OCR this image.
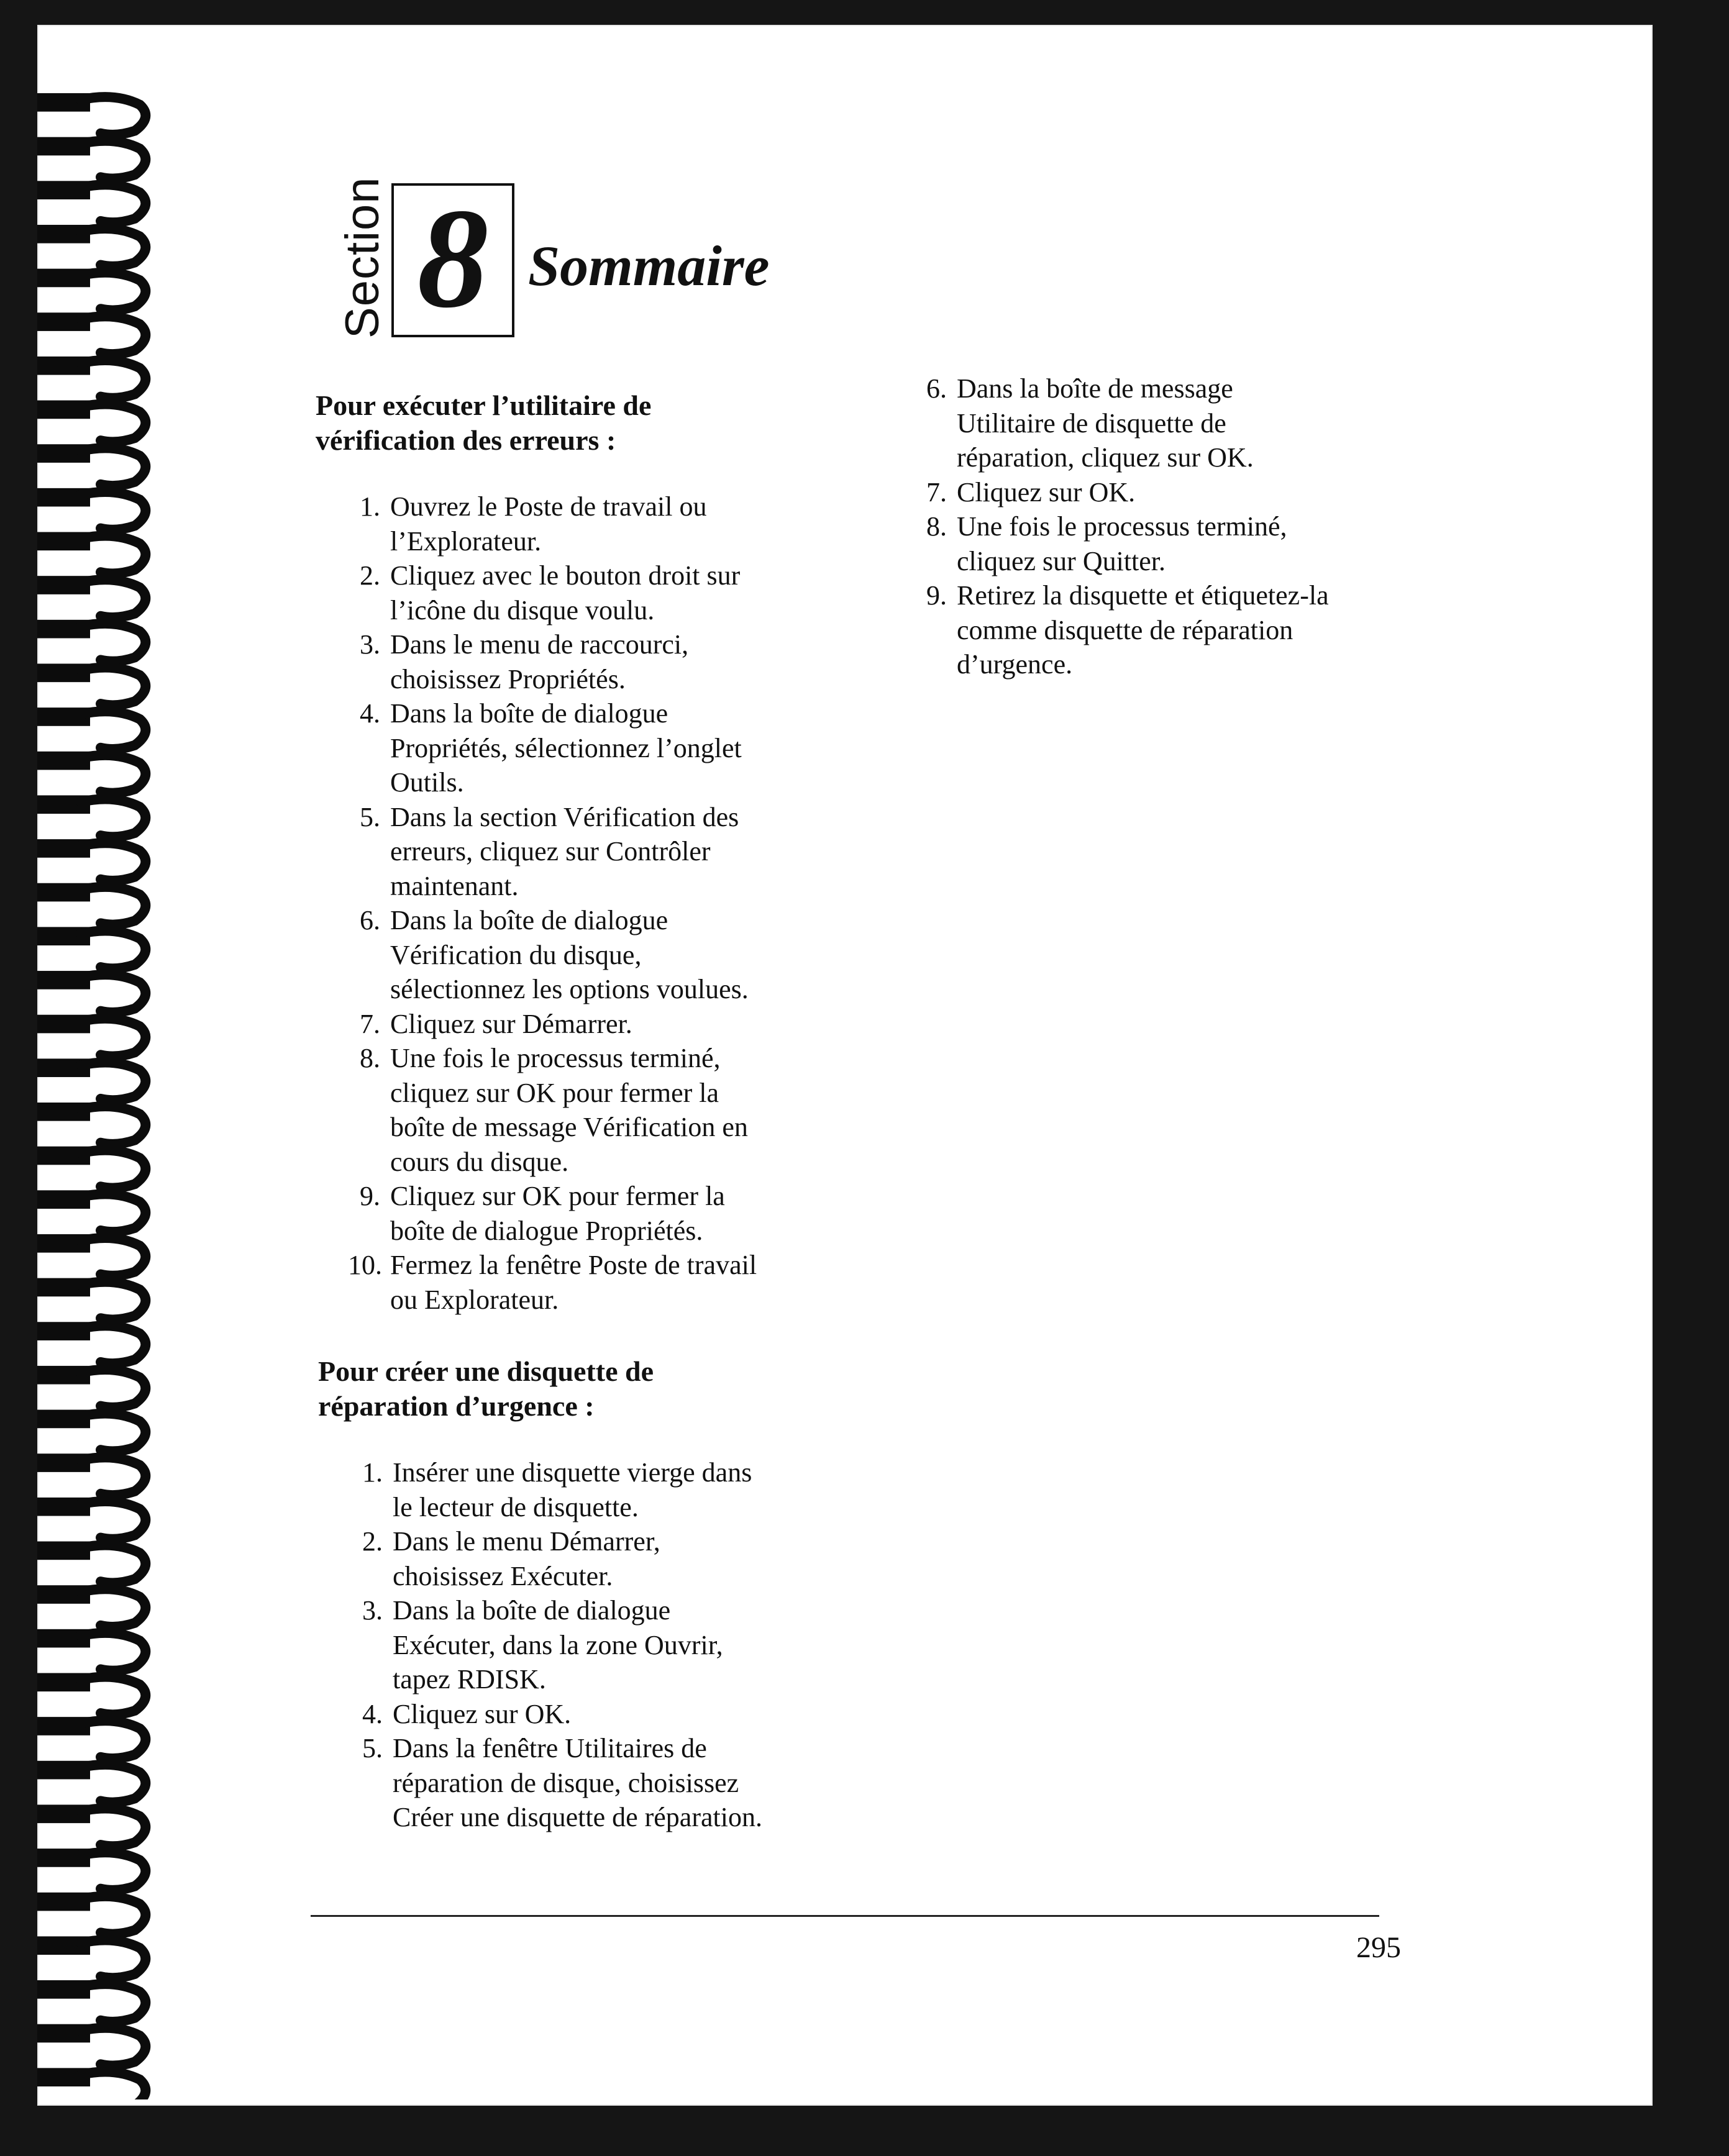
Section 8 Sommaire
Pour exécuter l’utilitaire de
vérification des erreurs :
1. Ouvrez le Poste de travail ou
l’Explorateur.
2. Cliquez avec le bouton droit sur
l’icône du disque voulu.
3. Dans le menu de raccourci,
choisissez Propriétés.
4. Dans la boîte de dialogue
Propriétés, sélectionnez l’onglet
Outils.
5. Dans la section Vérification des
erreurs, cliquez sur Contrôler
maintenant.
6. Dans la boîte de dialogue
Vérification du disque,
sélectionnez les options voulues.
7. Cliquez sur Démarrer.
8. Une fois le processus terminé,
cliquez sur OK pour fermer la
boîte de message Vérification en
cours du disque.
9. Cliquez sur OK pour fermer la
boîte de dialogue Propriétés.
10. Fermez la fenêtre Poste de travail
ou Explorateur.
Pour créer une disquette de
réparation d’urgence :
1. Insérer une disquette vierge dans
le lecteur de disquette.
2. Dans le menu Démarrer,
choisissez Exécuter.
3. Dans la boîte de dialogue
Exécuter, dans la zone Ouvrir,
tapez RDISK.
4. Cliquez sur OK.
5. Dans la fenêtre Utilitaires de
réparation de disque, choisissez
Créer une disquette de réparation.
6. Dans la boîte de message
Utilitaire de disquette de
réparation, cliquez sur OK.
7. Cliquez sur OK.
8. Une fois le processus terminé,
cliquez sur Quitter.
9. Retirez la disquette et étiquetez-la
comme disquette de réparation
d’urgence.
295
